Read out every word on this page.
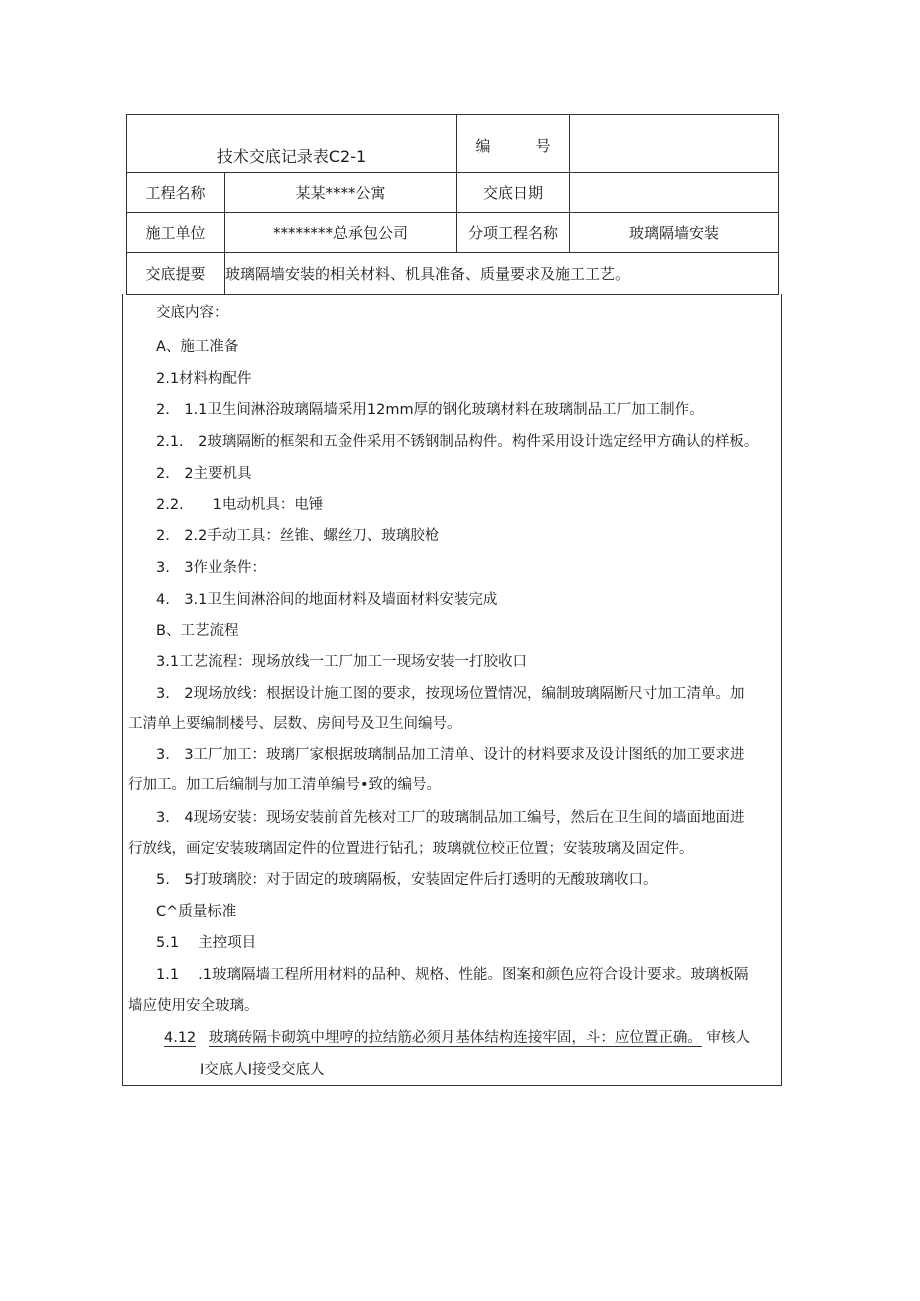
技术交底记录表C2-1		编　　　号	
工程名称	某某****公寓	交底日期	
施工单位	********总承包公司	分项工程名称	玻璃隔墙安装
交底提要	玻璃隔墙安装的相关材料、机具准备、质量要求及施工工艺。		
交底内容：
A、施工准备
2.1材料构配件
2.　1.1卫生间淋浴玻璃隔墙采用12mm厚的钢化玻璃材料在玻璃制品工厂加工制作。
2.1.　2玻璃隔断的框架和五金件采用不锈钢制品构件。构件采用设计选定经甲方确认的样板。
2.　2主要机具
2.2.　　1电动机具：电锤
2.　2.2手动工具：丝锥、螺丝刀、玻璃胶枪
3.　3作业条件：
4.　3.1卫生间淋浴间的地面材料及墙面材料安装完成
B、工艺流程
3.1工艺流程：现场放线一工厂加工一现场安装一打胶收口
3.　2现场放线：根据设计施工图的要求，按现场位置情况，编制玻璃隔断尺寸加工清单。加
工清单上要编制楼号、层数、房间号及卫生间编号。
3.　3工厂加工：玻璃厂家根据玻璃制品加工清单、设计的材料要求及设计图纸的加工要求进
行加工。加工后编制与加工清单编号•致的编号。
3.　4现场安装：现场安装前首先核对工厂的玻璃制品加工编号，然后在卫生间的墙面地面进
行放线，画定安装玻璃固定件的位置进行钻孔；玻璃就位校正位置；安装玻璃及固定件。
5.　5打玻璃胶：对于固定的玻璃隔板，安装固定件后打透明的无酸玻璃收口。
C^质量标准
5.1　 主控项目
1.1　 .1玻璃隔墙工程所用材料的品种、规格、性能。图案和颜色应符合设计要求。玻璃板隔
墙应使用安全玻璃。
4.12 玻璃砖隔卡砌筑中埋哼的拉结筋必须月基体结构连接牢固，斗：应位置正确。 审核人
I交底人I接受交底人
